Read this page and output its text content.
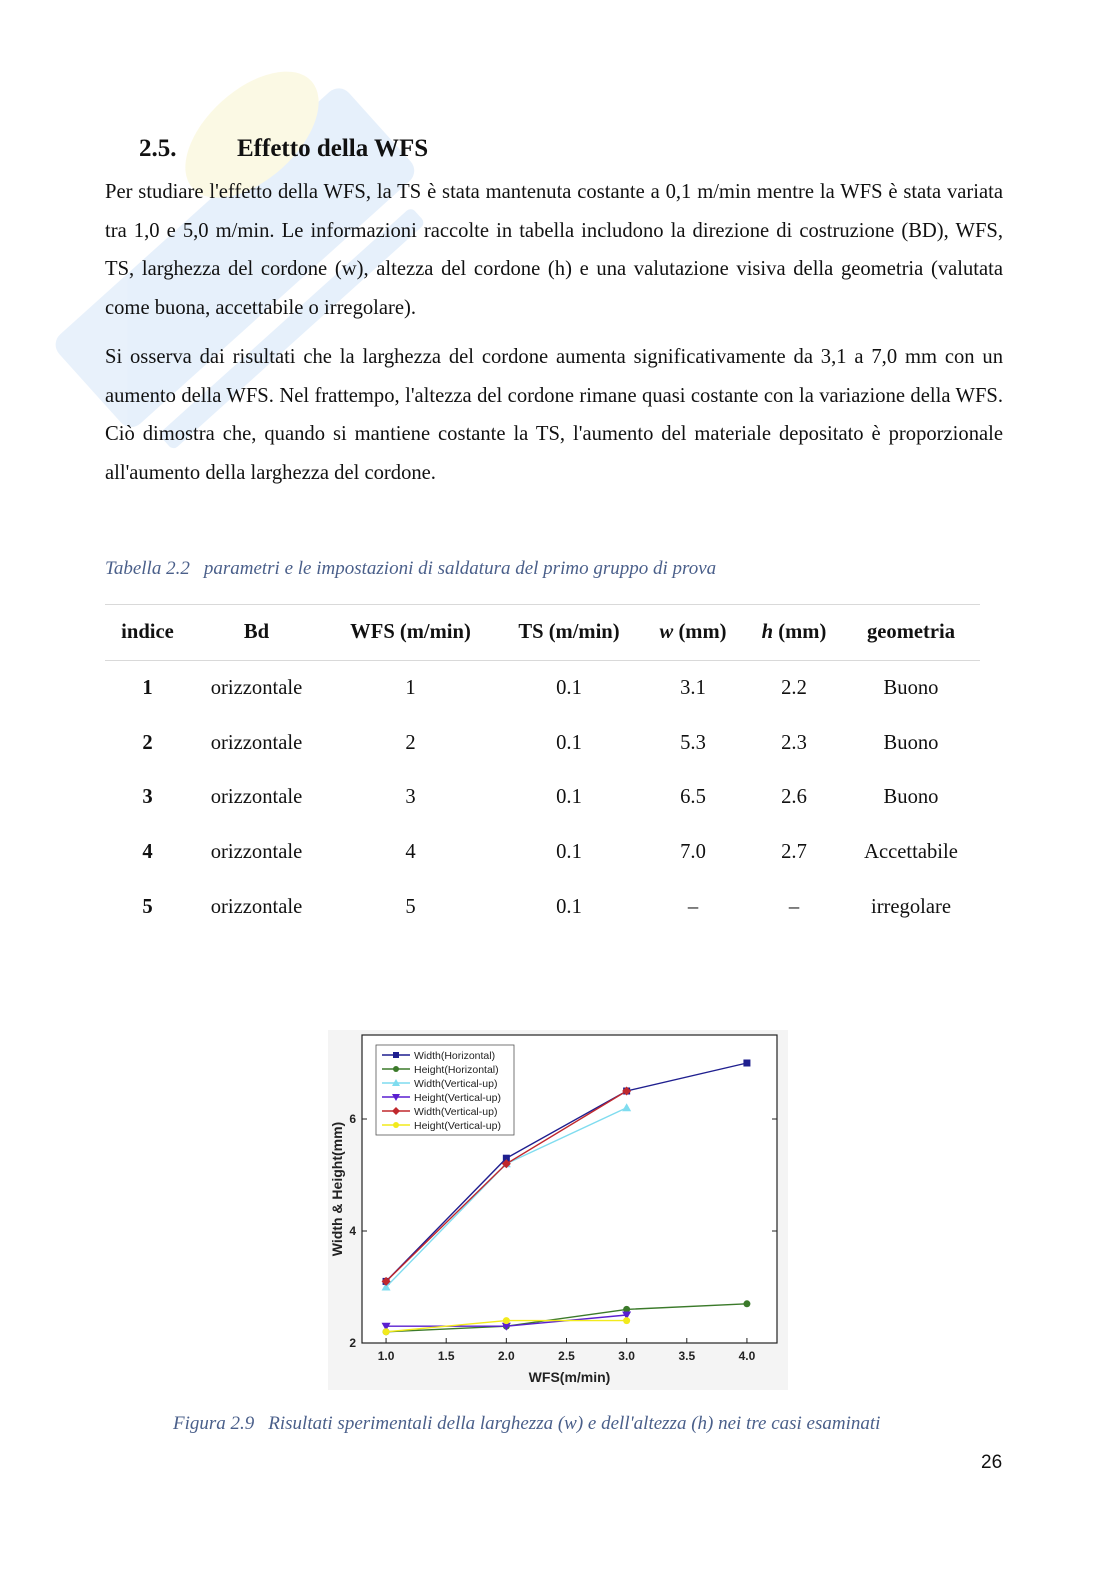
2.5.	Effetto della WFS

Per studiare l'effetto della WFS, la TS è stata mantenuta costante a 0,1 m/min mentre la WFS è stata variata tra 1,0 e 5,0 m/min. Le informazioni raccolte in tabella includono la direzione di costruzione (BD), WFS, TS, larghezza del cordone (w), altezza del cordone (h) e una valutazione visiva della geometria (valutata come buona, accettabile o irregolare).

Si osserva dai risultati che la larghezza del cordone aumenta significativamente da 3,1 a 7,0 mm con un aumento della WFS. Nel frattempo, l'altezza del cordone rimane quasi costante con la variazione della WFS. Ciò dimostra che, quando si mantiene costante la TS, l'aumento del materiale depositato è proporzionale all'aumento della larghezza del cordone.

Tabella 2.2 parametri e le impostazioni di saldatura del primo gruppo di prova

indice	Bd	WFS (m/min)	TS (m/min)	w (mm)	h (mm)	geometria
1	orizzontale	1	0.1	3.1	2.2	Buono
2	orizzontale	2	0.1	5.3	2.3	Buono
3	orizzontale	3	0.1	6.5	2.6	Buono
4	orizzontale	4	0.1	7.0	2.7	Accettabile
5	orizzontale	5	0.1	–	–	irregolare
1.0	1.5	2.0	2.5	3.0	3.5	4.0
2
4
6
WFS(m/min)
Width & Height(mm)
Width(Horizontal)
Height(Horizontal)
Width(Vertical-up)
Height(Vertical-up)
Width(Vertical-up)
Height(Vertical-up)

Figura 2.9 Risultati sperimentali della larghezza (w) e dell'altezza (h) nei tre casi esaminati

26
